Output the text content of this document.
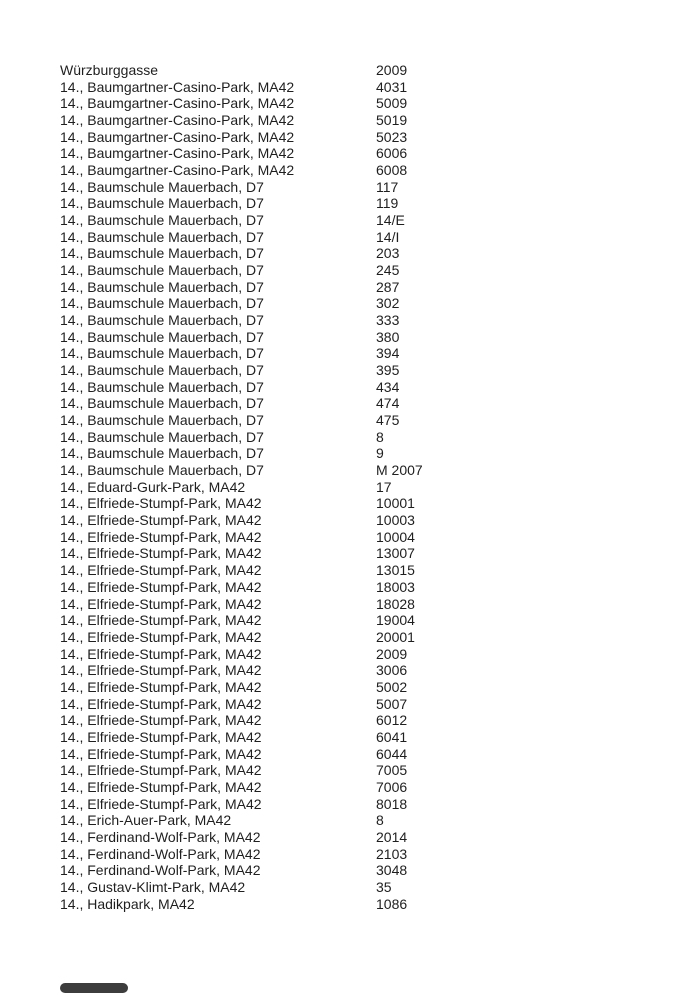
Würzburggasse	2009
14., Baumgartner-Casino-Park, MA42	4031
14., Baumgartner-Casino-Park, MA42	5009
14., Baumgartner-Casino-Park, MA42	5019
14., Baumgartner-Casino-Park, MA42	5023
14., Baumgartner-Casino-Park, MA42	6006
14., Baumgartner-Casino-Park, MA42	6008
14., Baumschule Mauerbach, D7	117
14., Baumschule Mauerbach, D7	119
14., Baumschule Mauerbach, D7	14/E
14., Baumschule Mauerbach, D7	14/I
14., Baumschule Mauerbach, D7	203
14., Baumschule Mauerbach, D7	245
14., Baumschule Mauerbach, D7	287
14., Baumschule Mauerbach, D7	302
14., Baumschule Mauerbach, D7	333
14., Baumschule Mauerbach, D7	380
14., Baumschule Mauerbach, D7	394
14., Baumschule Mauerbach, D7	395
14., Baumschule Mauerbach, D7	434
14., Baumschule Mauerbach, D7	474
14., Baumschule Mauerbach, D7	475
14., Baumschule Mauerbach, D7	8
14., Baumschule Mauerbach, D7	9
14., Baumschule Mauerbach, D7	M 2007
14., Eduard-Gurk-Park, MA42	17
14., Elfriede-Stumpf-Park, MA42	10001
14., Elfriede-Stumpf-Park, MA42	10003
14., Elfriede-Stumpf-Park, MA42	10004
14., Elfriede-Stumpf-Park, MA42	13007
14., Elfriede-Stumpf-Park, MA42	13015
14., Elfriede-Stumpf-Park, MA42	18003
14., Elfriede-Stumpf-Park, MA42	18028
14., Elfriede-Stumpf-Park, MA42	19004
14., Elfriede-Stumpf-Park, MA42	20001
14., Elfriede-Stumpf-Park, MA42	2009
14., Elfriede-Stumpf-Park, MA42	3006
14., Elfriede-Stumpf-Park, MA42	5002
14., Elfriede-Stumpf-Park, MA42	5007
14., Elfriede-Stumpf-Park, MA42	6012
14., Elfriede-Stumpf-Park, MA42	6041
14., Elfriede-Stumpf-Park, MA42	6044
14., Elfriede-Stumpf-Park, MA42	7005
14., Elfriede-Stumpf-Park, MA42	7006
14., Elfriede-Stumpf-Park, MA42	8018
14., Erich-Auer-Park, MA42	8
14., Ferdinand-Wolf-Park, MA42	2014
14., Ferdinand-Wolf-Park, MA42	2103
14., Ferdinand-Wolf-Park, MA42	3048
14., Gustav-Klimt-Park, MA42	35
14., Hadikpark, MA42	1086
